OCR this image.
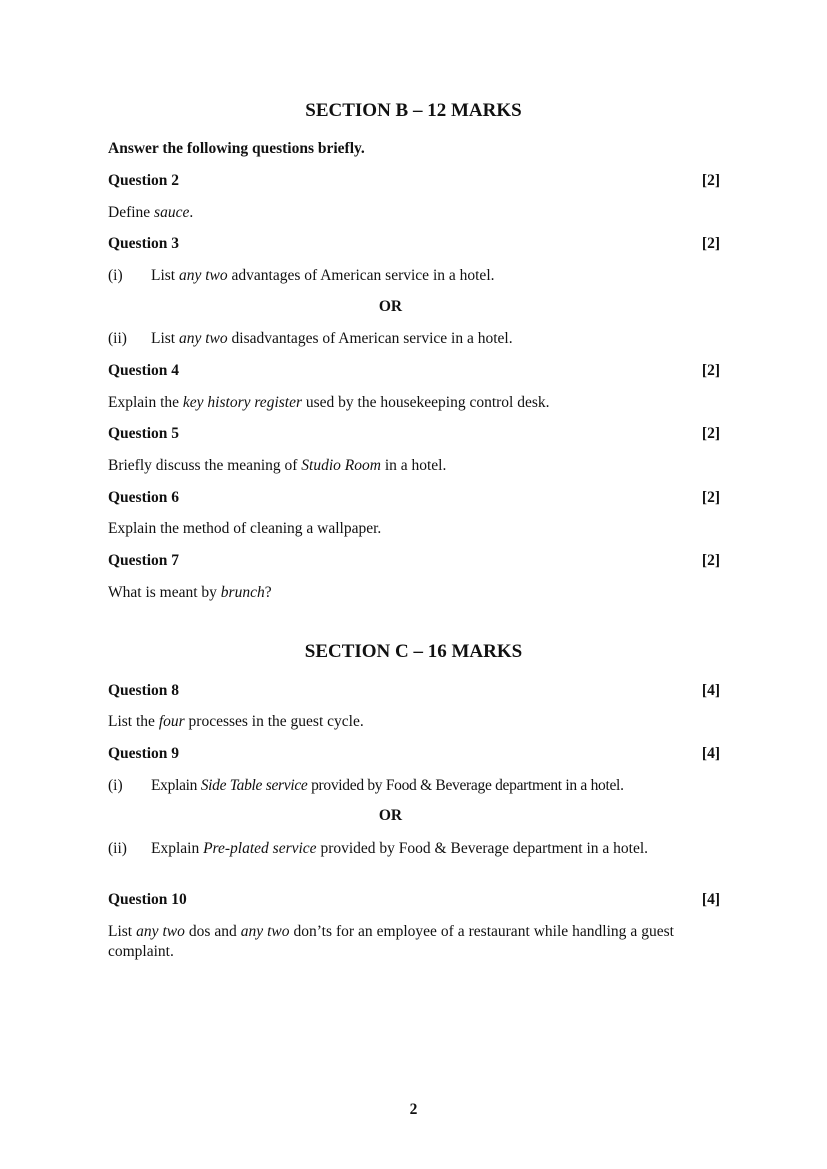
SECTION B – 12 MARKS
Answer the following questions briefly.
Question 2	[2]
Define sauce.
Question 3	[2]
(i)	List any two advantages of American service in a hotel.
OR
(ii)	List any two disadvantages of American service in a hotel.
Question 4	[2]
Explain the key history register used by the housekeeping control desk.
Question 5	[2]
Briefly discuss the meaning of Studio Room in a hotel.
Question 6	[2]
Explain the method of cleaning a wallpaper.
Question 7	[2]
What is meant by brunch?
SECTION C – 16 MARKS
Question 8	[4]
List the four processes in the guest cycle.
Question 9	[4]
(i)	Explain Side Table service provided by Food & Beverage department in a hotel.
OR
(ii)	Explain Pre-plated service provided by Food & Beverage department in a hotel.
Question 10	[4]
List any two dos and any two don’ts for an employee of a restaurant while handling a guest complaint.
2
